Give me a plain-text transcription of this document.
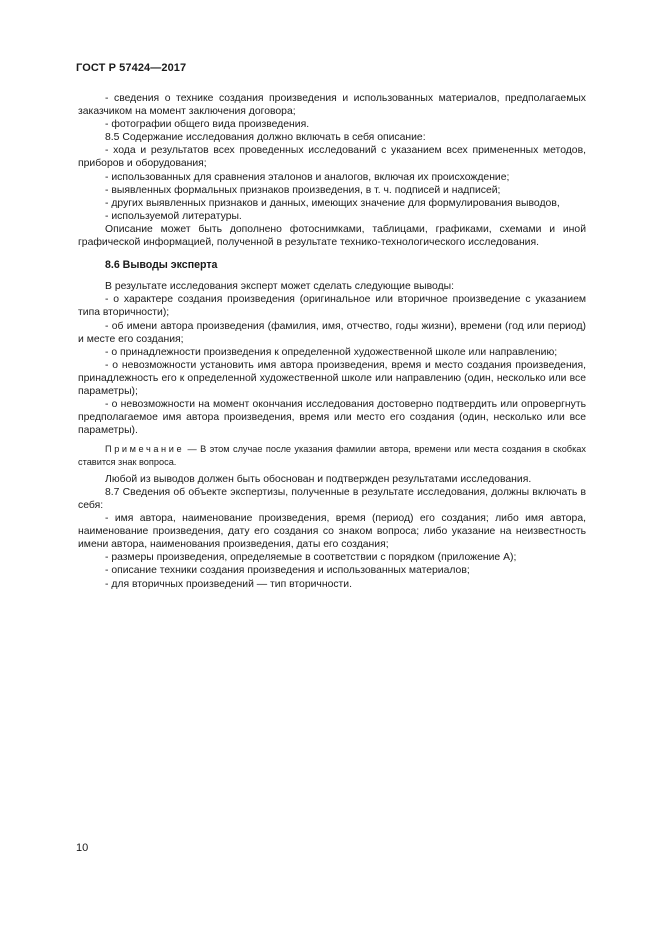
ГОСТ Р 57424—2017

- сведения о технике создания произведения и использованных материалов, предполагаемых заказчиком на момент заключения договора;

- фотографии общего вида произведения.

8.5 Содержание исследования должно включать в себя описание:

- хода и результатов всех проведенных исследований с указанием всех примененных методов, приборов и оборудования;

- использованных для сравнения эталонов и аналогов, включая их происхождение;

- выявленных формальных признаков произведения, в т. ч. подписей и надписей;

- других выявленных признаков и данных, имеющих значение для формулирования выводов,

- используемой литературы.

Описание может быть дополнено фотоснимками, таблицами, графиками, схемами и иной графической информацией, полученной в результате технико-технологического исследования.

8.6 Выводы эксперта

В результате исследования эксперт может сделать следующие выводы:

- о характере создания произведения (оригинальное или вторичное произведение с указанием типа вторичности);

- об имени автора произведения (фамилия, имя, отчество, годы жизни), времени (год или период) и месте его создания;

- о принадлежности произведения к определенной художественной школе или направлению;

- о невозможности установить имя автора произведения, время и место создания произведения, принадлежность его к определенной художественной школе или направлению (один, несколько или все параметры);

- о невозможности на момент окончания исследования достоверно подтвердить или опровергнуть предполагаемое имя автора произведения, время или место его создания (один, несколько или все параметры).

Примечание — В этом случае после указания фамилии автора, времени или места создания в скобках ставится знак вопроса.

Любой из выводов должен быть обоснован и подтвержден результатами исследования.

8.7 Сведения об объекте экспертизы, полученные в результате исследования, должны включать в себя:

- имя автора, наименование произведения, время (период) его создания; либо имя автора, наименование произведения, дату его создания со знаком вопроса; либо указание на неизвестность имени автора, наименования произведения, даты его создания;

- размеры произведения, определяемые в соответствии с порядком (приложение А);

- описание техники создания произведения и использованных материалов;

- для вторичных произведений — тип вторичности.

10
